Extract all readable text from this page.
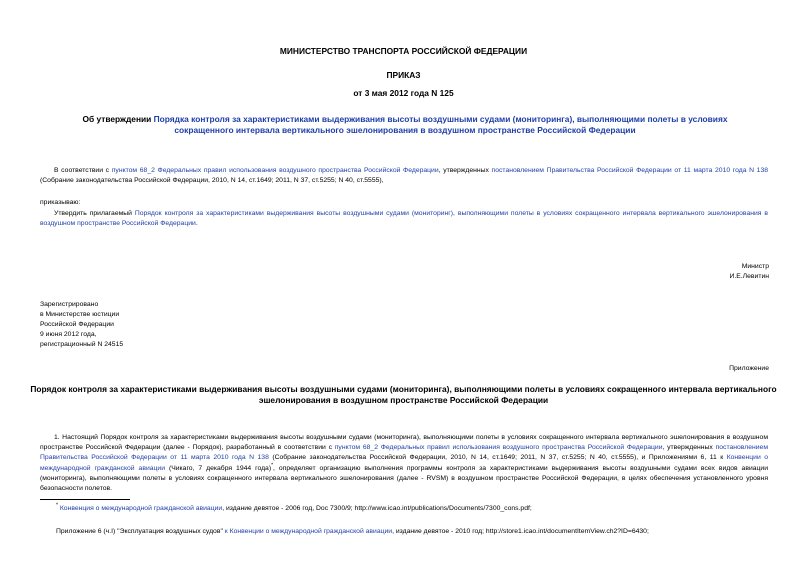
МИНИСТЕРСТВО ТРАНСПОРТА РОССИЙСКОЙ ФЕДЕРАЦИИ
ПРИКАЗ
от 3 мая 2012 года N 125
Об утверждении Порядка контроля за характеристиками выдерживания высоты воздушными судами (мониторинга), выполняющими полеты в условиях сокращенного интервала вертикального эшелонирования в воздушном пространстве Российской Федерации
В соответствии с пунктом 68_2 Федеральных правил использования воздушного пространства Российской Федерации, утвержденных постановлением Правительства Российской Федерации от 11 марта 2010 года N 138 (Собрание законодательства Российской Федерации, 2010, N 14, ст.1649; 2011, N 37, ст.5255; N 40, ст.5555),
приказываю:
Утвердить прилагаемый Порядок контроля за характеристиками выдерживания высоты воздушными судами (мониторинг), выполняющими полеты в условиях сокращенного интервала вертикального эшелонирования в воздушном пространстве Российской Федерации.
Министр
И.Е.Левитин
Зарегистрировано
в Министерстве юстиции
Российской Федерации
9 июня 2012 года,
регистрационный N 24515
Приложение
Порядок контроля за характеристиками выдерживания высоты воздушными судами (мониторинга), выполняющими полеты в условиях сокращенного интервала вертикального эшелонирования в воздушном пространстве Российской Федерации
1. Настоящий Порядок контроля за характеристиками выдерживания высоты воздушными судами (мониторинга), выполняющими полеты в условиях сокращенного интервала вертикального эшелонирования в воздушном пространстве Российской Федерации (далее - Порядок), разработанный в соответствии с пунктом 68_2 Федеральных правил использования воздушного пространства Российской Федерации, утвержденных постановлением Правительства Российской Федерации от 11 марта 2010 года N 138 (Собрание законодательства Российской Федерации, 2010, N 14, ст.1649; 2011, N 37, ст.5255; N 40, ст.5555), и Приложениями 6, 11 к Конвенции о международной гражданской авиации (Чикаго, 7 декабря 1944 года)*, определяет организацию выполнения программы контроля за характеристиками выдерживания высоты воздушными судами всех видов авиации (мониторинга), выполняющими полеты в условиях сокращенного интервала вертикального эшелонирования (далее - RVSM) в воздушном пространстве Российской Федерации, в целях обеспечения установленного уровня безопасности полетов.
* Конвенция о международной гражданской авиации, издание девятое - 2006 год, Doc 7300/9; http://www.icao.int/publications/Documents/7300_cons.pdf;
Приложение 6 (ч.I) "Эксплуатация воздушных судов" к Конвенции о международной гражданской авиации, издание девятое - 2010 год; http://store1.icao.int/documentItemView.ch2?ID=6430;
